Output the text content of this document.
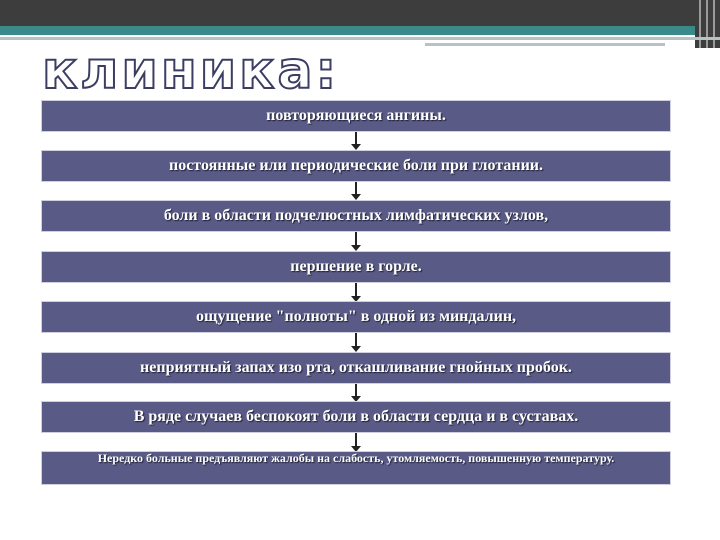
клиника:
повторяющиеся ангины.
постоянные или периодические боли при глотании.
боли в области подчелюстных лимфатических узлов,
першение в горле.
ощущение "полноты" в одной из миндалин,
неприятный запах изо рта, откашливание гнойных пробок.
В ряде случаев беспокоят боли в области сердца и в суставах.
Нередко больные предъявляют жалобы на слабость, утомляемость, повышенную температуру.
